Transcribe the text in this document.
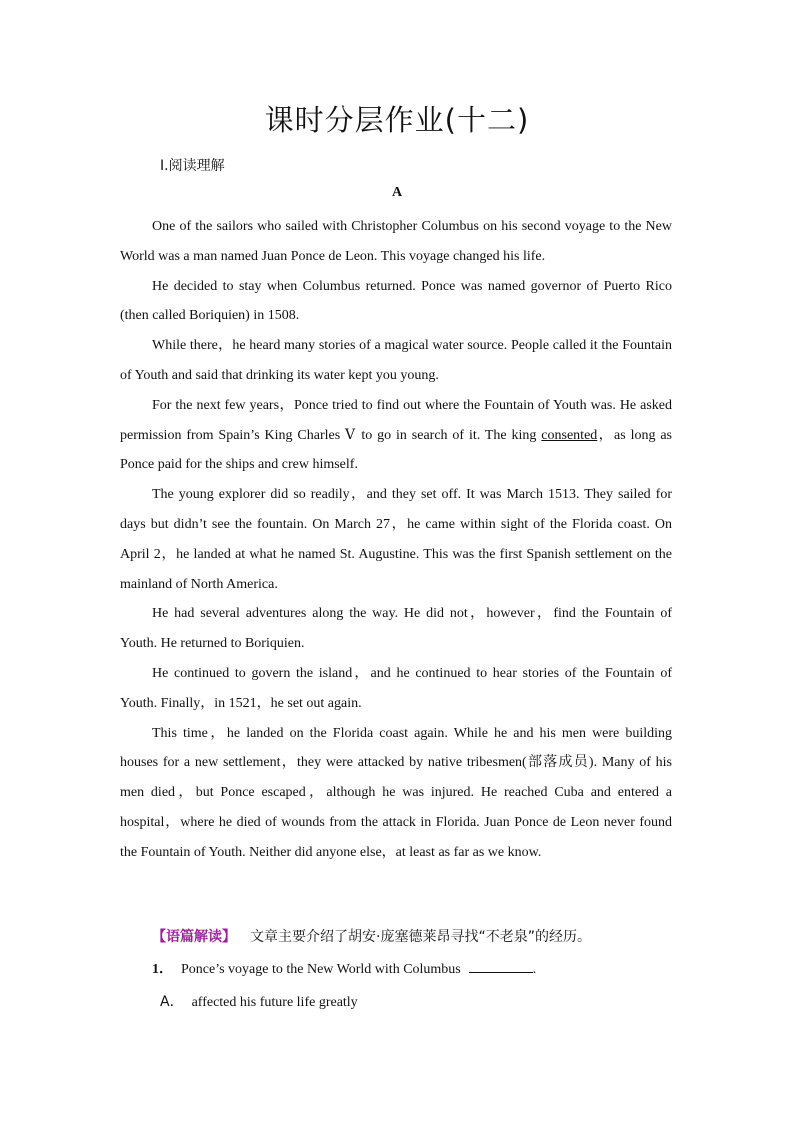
课时分层作业(十二)
Ⅰ.阅读理解
A

One of the sailors who sailed with Christopher Columbus on his second voyage to the New World was a man named Juan Ponce de Leon. This voyage changed his life.

He decided to stay when Columbus returned. Ponce was named governor of Puerto Rico (then called Boriquien) in 1508.

While there，he heard many stories of a magical water source. People called it the Fountain of Youth and said that drinking its water kept you young.

For the next few years，Ponce tried to find out where the Fountain of Youth was. He asked permission from Spain’s King Charles Ⅴ to go in search of it. The king consented，as long as Ponce paid for the ships and crew himself.

The young explorer did so readily，and they set off. It was March 1513. They sailed for days but didn’t see the fountain. On March 27，he came within sight of the Florida coast. On April 2，he landed at what he named St. Augustine. This was the first Spanish settlement on the mainland of North America.

He had several adventures along the way. He did not，however，find the Fountain of Youth. He returned to Boriquien.

He continued to govern the island，and he continued to hear stories of the Fountain of Youth. Finally，in 1521，he set out again.

This time，he landed on the Florida coast again. While he and his men were building houses for a new settlement，they were attacked by native tribesmen(部落成员). Many of his men died，but Ponce escaped，although he was injured. He reached Cuba and entered a hospital，where he died of wounds from the attack in Florida. Juan Ponce de Leon never found the Fountain of Youth. Neither did anyone else，at least as far as we know.

【语篇解读】 文章主要介绍了胡安·庞塞德莱昂寻找“不老泉”的经历。
1． Ponce’s voyage to the New World with Columbus	.
A． affected his future life greatly
